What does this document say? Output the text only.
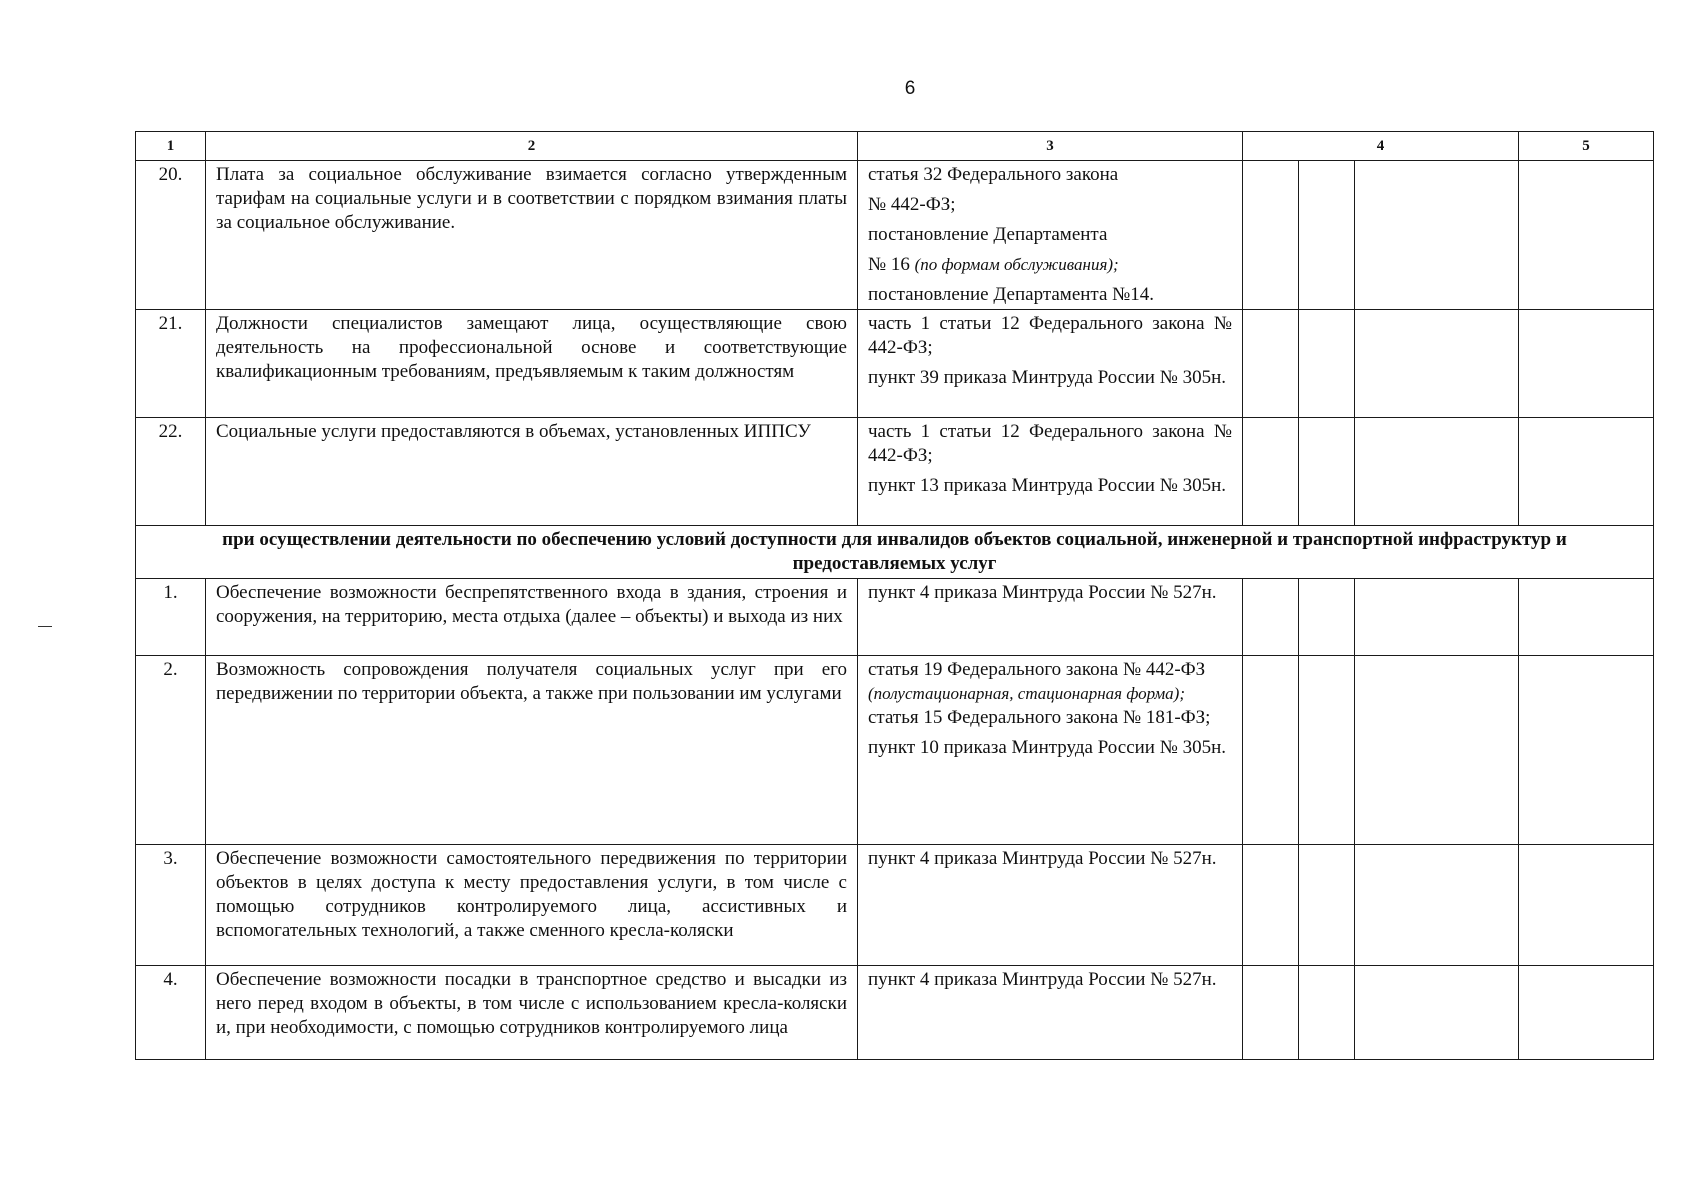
6
1	2	3	4			5
20.	Плата за социальное обслуживание взимается согласно утвержденным тарифам на социальные услуги и в соответствии с порядком взимания платы за социальное обслуживание.	статья 32 Федерального закона

№ 442-ФЗ;

постановление Департамента

№ 16 (по формам обслуживания);

постановление Департамента №14.				

21.	Должности специалистов замещают лица, осуществляющие свою деятельность на профессиональной основе и соответствующие квалификационным требованиям, предъявляемым к таким должностям	часть 1 статьи 12 Федерального закона № 442-ФЗ;

пункт 39 приказа Минтруда России № 305н.				

22.	Социальные услуги предоставляются в объемах, установленных ИППСУ	часть 1 статьи 12 Федерального закона № 442-ФЗ;

пункт 13 приказа Минтруда России № 305н.				

при осуществлении деятельности по обеспечению условий доступности для инвалидов объектов социальной, инженерной и транспортной инфраструктур и предоставляемых услуг						
1.	Обеспечение возможности беспрепятственного входа в здания, строения и сооружения, на территорию, места отдыха (далее – объекты) и выхода из них	пункт 4 приказа Минтруда России № 527н.				

2.	Возможность сопровождения получателя социальных услуг при его передвижении по территории объекта, а также при пользовании им услугами	статья 19 Федерального закона № 442-ФЗ

(полустационарная, стационарная форма);

статья 15 Федерального закона № 181-ФЗ;

пункт 10 приказа Минтруда России № 305н.				

3.	Обеспечение возможности самостоятельного передвижения по территории объектов в целях доступа к месту предоставления услуги, в том числе с помощью сотрудников контролируемого лица, ассистивных и вспомогательных технологий, а также сменного кресла-коляски	пункт 4 приказа Минтруда России № 527н.				

4.	Обеспечение возможности посадки в транспортное средство и высадки из него перед входом в объекты, в том числе с использованием кресла-коляски и, при необходимости, с помощью сотрудников контролируемого лица	пункт 4 приказа Минтруда России № 527н.				
